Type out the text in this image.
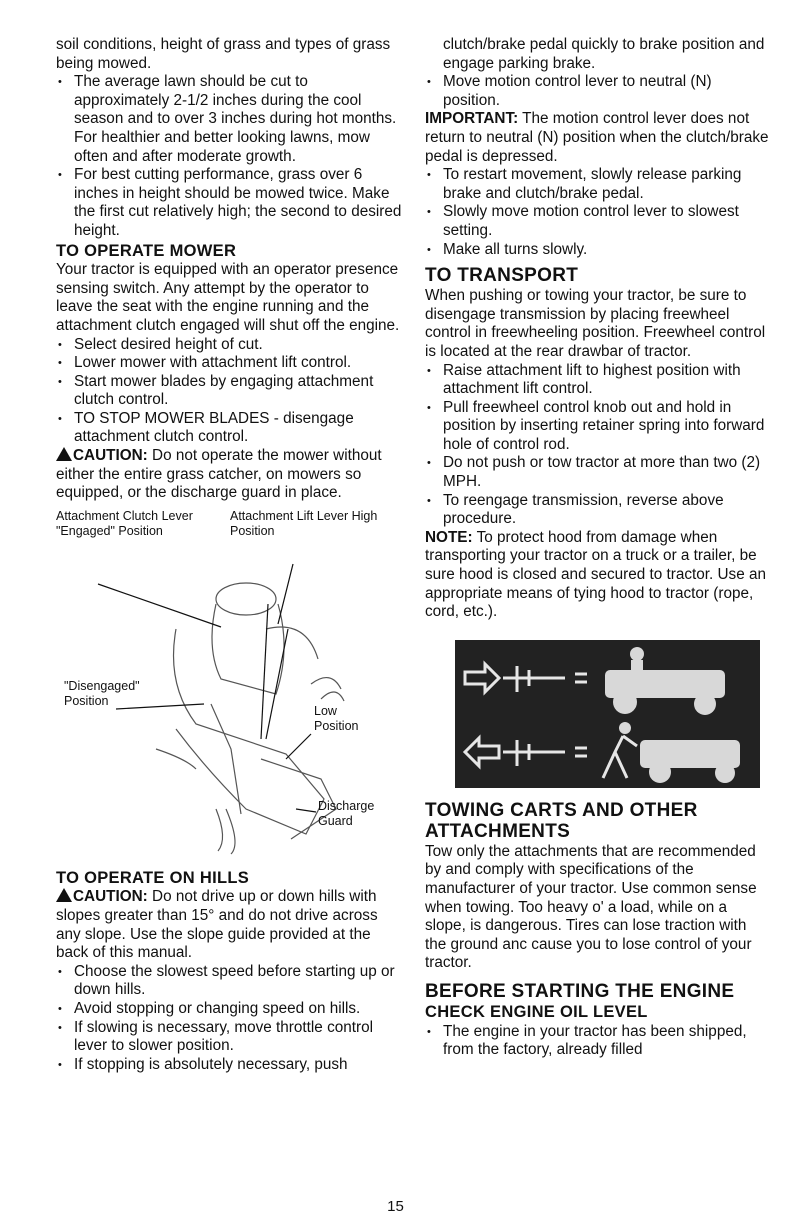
soil conditions, height of grass and types of grass being mowed.

• The average lawn should be cut to approximately 2-1/2 inches during the cool season and to over 3 inches during hot months. For healthier and better looking lawns, mow often and after moderate growth.
• For best cutting performance, grass over 6 inches in height should be mowed twice. Make the first cut relatively high; the second to desired height.

TO OPERATE MOWER

Your tractor is equipped with an operator presence sensing switch. Any attempt by the operator to leave the seat with the engine running and the attachment clutch engaged will shut off the engine.

• Select desired height of cut.
• Lower mower with attachment lift control.
• Start mower blades by engaging attachment clutch control.
• TO STOP MOWER BLADES - disengage attachment clutch control.

CAUTION: Do not operate the mower without either the entire grass catcher, on mowers so equipped, or the discharge guard in place.

Attachment Clutch Lever "Engaged" Position
Attachment Lift Lever High Position
"Disengaged" Position
Low Position
Discharge Guard

TO OPERATE ON HILLS

CAUTION: Do not drive up or down hills with slopes greater than 15° and do not drive across any slope. Use the slope guide provided at the back of this manual.

• Choose the slowest speed before starting up or down hills.
• Avoid stopping or changing speed on hills.
• If slowing is necessary, move throttle control lever to slower position.
• If stopping is absolutely necessary, push

clutch/brake pedal quickly to brake position and engage parking brake.

• Move motion control lever to neutral (N) position.

IMPORTANT: The motion control lever does not return to neutral (N) position when the clutch/brake pedal is depressed.

• To restart movement, slowly release parking brake and clutch/brake pedal.
• Slowly move motion control lever to slowest setting.
• Make all turns slowly.

TO TRANSPORT

When pushing or towing your tractor, be sure to disengage transmission by placing freewheel control in freewheeling position. Freewheel control is located at the rear drawbar of tractor.

• Raise attachment lift to highest position with attachment lift control.
• Pull freewheel control knob out and hold in position by inserting retainer spring into forward hole of control rod.
• Do not push or tow tractor at more than two (2) MPH.
• To reengage transmission, reverse above procedure.

NOTE: To protect hood from damage when transporting your tractor on a truck or a trailer, be sure hood is closed and secured to tractor. Use an appropriate means of tying hood to tractor (rope, cord, etc.).

TOWING CARTS AND OTHER ATTACHMENTS

Tow only the attachments that are recommended by and comply with specifications of the manufacturer of your tractor. Use common sense when towing. Too heavy o' a load, while on a slope, is dangerous. Tires can lose traction with the ground anc cause you to lose control of your tractor.

BEFORE STARTING THE ENGINE

CHECK ENGINE OIL LEVEL

• The engine in your tractor has been shipped, from the factory, already filled
15
